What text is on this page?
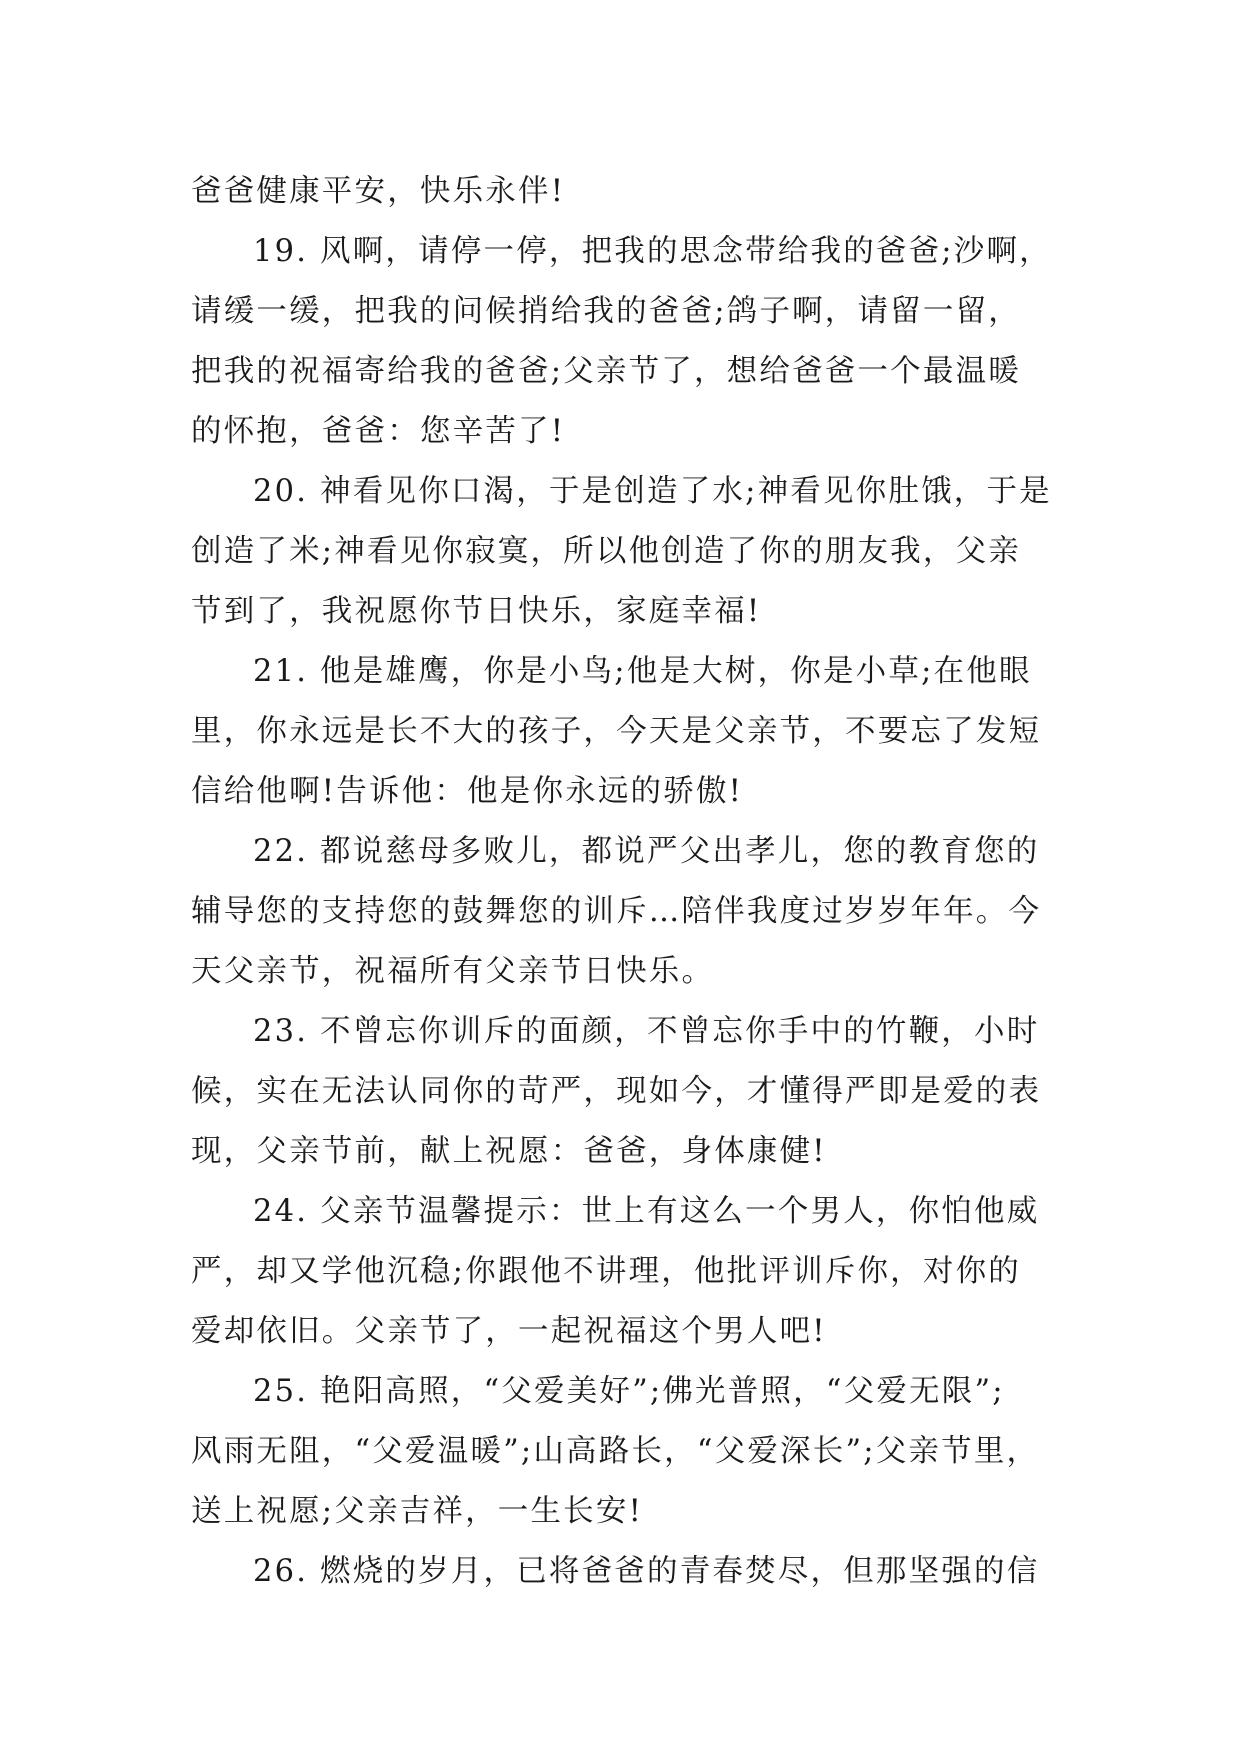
爸爸健康平安，快乐永伴!
19. 风啊，请停一停，把我的思念带给我的爸爸;沙啊，
请缓一缓，把我的问候捎给我的爸爸;鸽子啊，请留一留，
把我的祝福寄给我的爸爸;父亲节了，想给爸爸一个最温暖
的怀抱，爸爸：您辛苦了!
20. 神看见你口渴，于是创造了水;神看见你肚饿，于是
创造了米;神看见你寂寞，所以他创造了你的朋友我，父亲
节到了，我祝愿你节日快乐，家庭幸福!
21. 他是雄鹰，你是小鸟;他是大树，你是小草;在他眼
里，你永远是长不大的孩子，今天是父亲节，不要忘了发短
信给他啊!告诉他：他是你永远的骄傲!
22. 都说慈母多败儿，都说严父出孝儿，您的教育您的
辅导您的支持您的鼓舞您的训斥…陪伴我度过岁岁年年。今
天父亲节，祝福所有父亲节日快乐。
23. 不曾忘你训斥的面颜，不曾忘你手中的竹鞭，小时
候，实在无法认同你的苛严，现如今，才懂得严即是爱的表
现，父亲节前，献上祝愿：爸爸，身体康健!
24. 父亲节温馨提示：世上有这么一个男人，你怕他威
严，却又学他沉稳;你跟他不讲理，他批评训斥你，对你的
爱却依旧。父亲节了，一起祝福这个男人吧!
25. 艳阳高照，“父爱美好”;佛光普照，“父爱无限”;
风雨无阻，“父爱温暖”;山高路长，“父爱深长”;父亲节里，
送上祝愿;父亲吉祥，一生长安!
26. 燃烧的岁月，已将爸爸的青春焚尽，但那坚强的信
